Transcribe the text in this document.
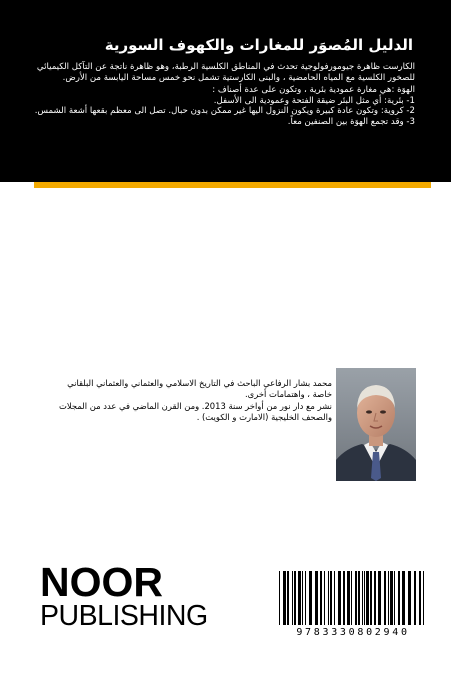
الدليل المُصوَر للمغارات والكهوف السورية

الكارست ظاهرة جيومورفولوجية تحدث في المناطق الكلسية الرطبة، وهو ظاهرة ناتجة عن التآكل الكيميائي للصخور الكلسية مع المياه الحامضية ، والبنى الكارستية تشمل نحو خمس مساحة اليابسة من الأرض.

الهوَة :هي مغارة عمودية بئرية ، وتكون على عدة أصناف :

1- بئرية: أي مثل البئر ضيقة الفتحة وعمودية الى الأسفل.

2- كروية: وتكون عادة كبيرة ويكون النزول اليها غير ممكن بدون حبال. تصل الى معظم بقعها أشعة الشمس.

3- وقد تجمع الهوَة بين الصنفين معاً.

محمد بشار الرفاعي الباحث في التاريخ الاسلامي والعثماني والعثماني البلقاني خاصة ، واهتمامات أخرى.

نشر مع دار نور من أواخر سنة 2013. ومن القرن الماضي في عدد من المجلات والصحف الخليجية (الامارت و الكويت) .

NOOR
PUBLISHING
9783330802940
